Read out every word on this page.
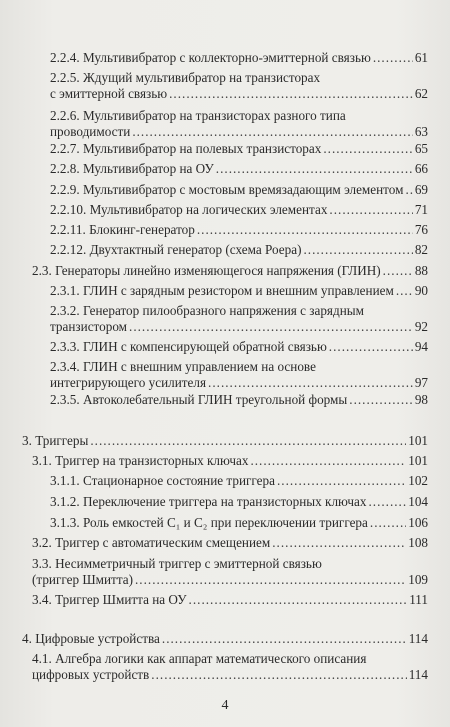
2.2.4. Мультивибратор с коллекторно-эмиттерной связью .....	61
2.2.5. Ждущий мультивибратор на транзисторах
с эмиттерной связью .....	62
2.2.6. Мультивибратор на транзисторах разного типа
проводимости .....	63
2.2.7. Мультивибратор на полевых транзисторах .....	65
2.2.8. Мультивибратор на ОУ .....	66
2.2.9. Мультивибратор с мостовым времязадающим элементом ..... 69
2.2.10. Мультивибратор на логических элементах .....	71
2.2.11. Блокинг-генератор .....	76
2.2.12. Двухтактный генератор (схема Роера) .....	82
2.3. Генераторы линейно изменяющегося напряжения (ГЛИН) .....	88
2.3.1. ГЛИН с зарядным резистором и внешним управлением ..... 90
2.3.2. Генератор пилообразного напряжения с зарядным
транзистором .....	92
2.3.3. ГЛИН с компенсирующей обратной связью .....	94
2.3.4. ГЛИН с внешним управлением на основе
интегрирующего усилителя .....	97
2.3.5. Автоколебательный ГЛИН треугольной формы .....	98
3. Триггеры .....	101
3.1. Триггер на транзисторных ключах .....	101
3.1.1. Стационарное состояние триггера .....	102
3.1.2. Переключение триггера на транзисторных ключах .....	104
3.1.3. Роль емкостей C₁ и C₂ при переключении триггера .....	106
3.2. Триггер с автоматическим смещением .....	108
3.3. Несимметричный триггер с эмиттерной связью
(триггер Шмитта) .....	109
3.4. Триггер Шмитта на ОУ .....	111
4. Цифровые устройства .....	114
4.1. Алгебра логики как аппарат математического описания
цифровых устройств .....	114
4
